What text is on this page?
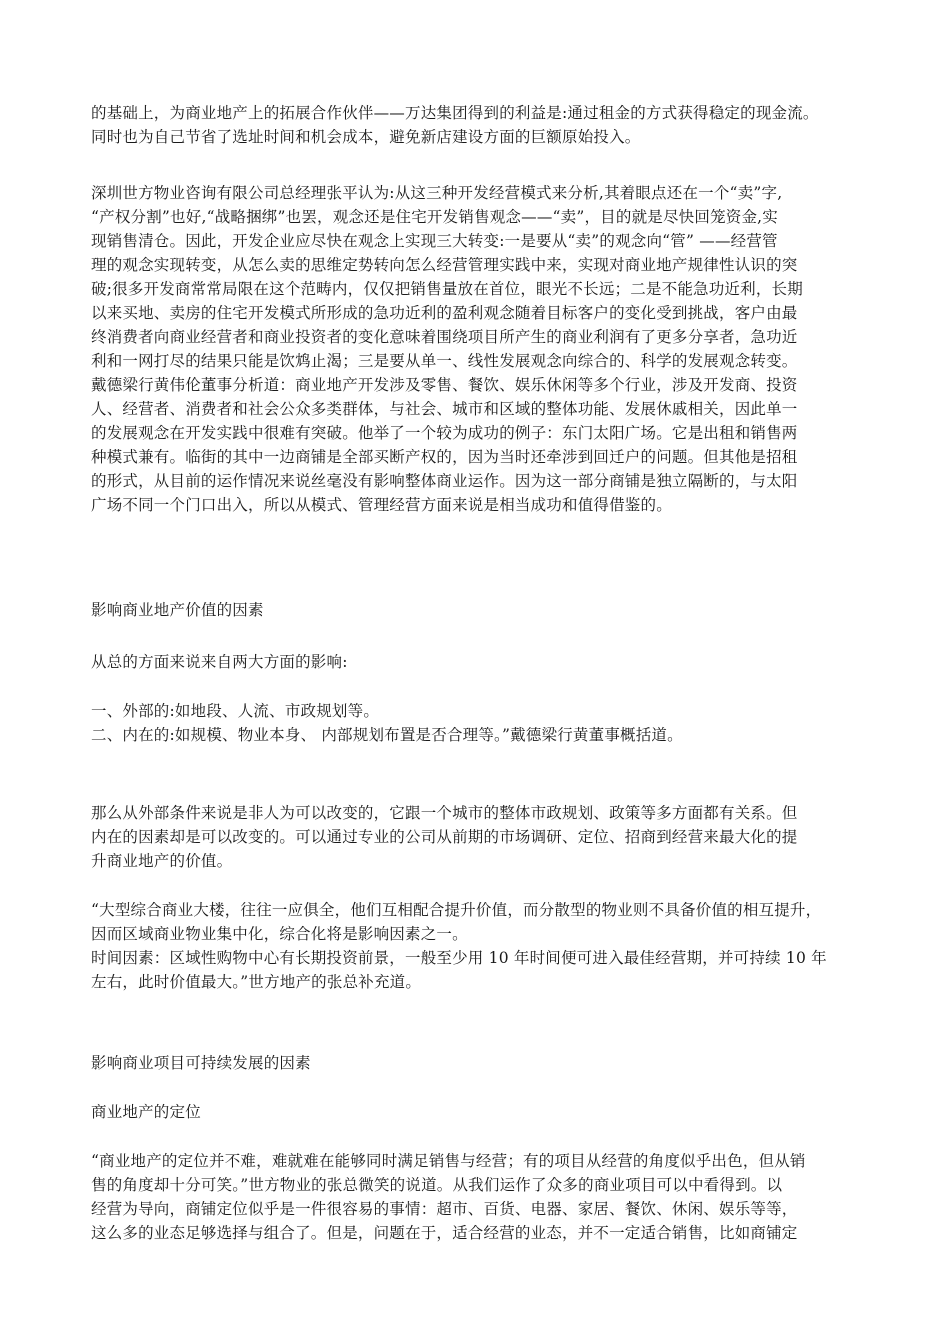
的基础上，为商业地产上的拓展合作伙伴——万达集团得到的利益是:通过租金的方式获得稳定的现金流。
同时也为自己节省了选址时间和机会成本，避免新店建设方面的巨额原始投入。
深圳世方物业咨询有限公司总经理张平认为:从这三种开发经营模式来分析,其着眼点还在一个“卖”字,
“产权分割”也好,“战略捆绑”也罢，观念还是住宅开发销售观念——“卖”，目的就是尽快回笼资金,实
现销售清仓。因此，开发企业应尽快在观念上实现三大转变:一是要从“卖”的观念向“管” ——经营管
理的观念实现转变，从怎么卖的思维定势转向怎么经营管理实践中来，实现对商业地产规律性认识的突
破;很多开发商常常局限在这个范畴内，仅仅把销售量放在首位，眼光不长远；二是不能急功近利，长期
以来买地、卖房的住宅开发模式所形成的急功近利的盈利观念随着目标客户的变化受到挑战，客户由最
终消费者向商业经营者和商业投资者的变化意味着围绕项目所产生的商业利润有了更多分享者，急功近
利和一网打尽的结果只能是饮鸩止渴；三是要从单一、线性发展观念向综合的、科学的发展观念转变。
戴德梁行黄伟伦董事分析道：商业地产开发涉及零售、餐饮、娱乐休闲等多个行业，涉及开发商、投资
人、经营者、消费者和社会公众多类群体，与社会、城市和区域的整体功能、发展休戚相关，因此单一
的发展观念在开发实践中很难有突破。他举了一个较为成功的例子：东门太阳广场。它是出租和销售两
种模式兼有。临街的其中一边商铺是全部买断产权的，因为当时还牵涉到回迁户的问题。但其他是招租
的形式，从目前的运作情况来说丝毫没有影响整体商业运作。因为这一部分商铺是独立隔断的，与太阳
广场不同一个门口出入，所以从模式、管理经营方面来说是相当成功和值得借鉴的。
影响商业地产价值的因素
从总的方面来说来自两大方面的影响:
一、外部的:如地段、人流、市政规划等。
二、内在的:如规模、物业本身、 内部规划布置是否合理等。”戴德梁行黄董事概括道。
那么从外部条件来说是非人为可以改变的，它跟一个城市的整体市政规划、政策等多方面都有关系。但
内在的因素却是可以改变的。可以通过专业的公司从前期的市场调研、定位、招商到经营来最大化的提
升商业地产的价值。
“大型综合商业大楼，往往一应俱全，他们互相配合提升价值，而分散型的物业则不具备价值的相互提升，
因而区域商业物业集中化，综合化将是影响因素之一。
时间因素：区域性购物中心有长期投资前景，一般至少用 10 年时间便可进入最佳经营期，并可持续 10 年
左右，此时价值最大。”世方地产的张总补充道。
影响商业项目可持续发展的因素
商业地产的定位
“商业地产的定位并不难，难就难在能够同时满足销售与经营；有的项目从经营的角度似乎出色，但从销
售的角度却十分可笑。”世方物业的张总微笑的说道。从我们运作了众多的商业项目可以中看得到。以
经营为导向，商铺定位似乎是一件很容易的事情：超市、百货、电器、家居、餐饮、休闲、娱乐等等，
这么多的业态足够选择与组合了。但是，问题在于，适合经营的业态，并不一定适合销售，比如商铺定
